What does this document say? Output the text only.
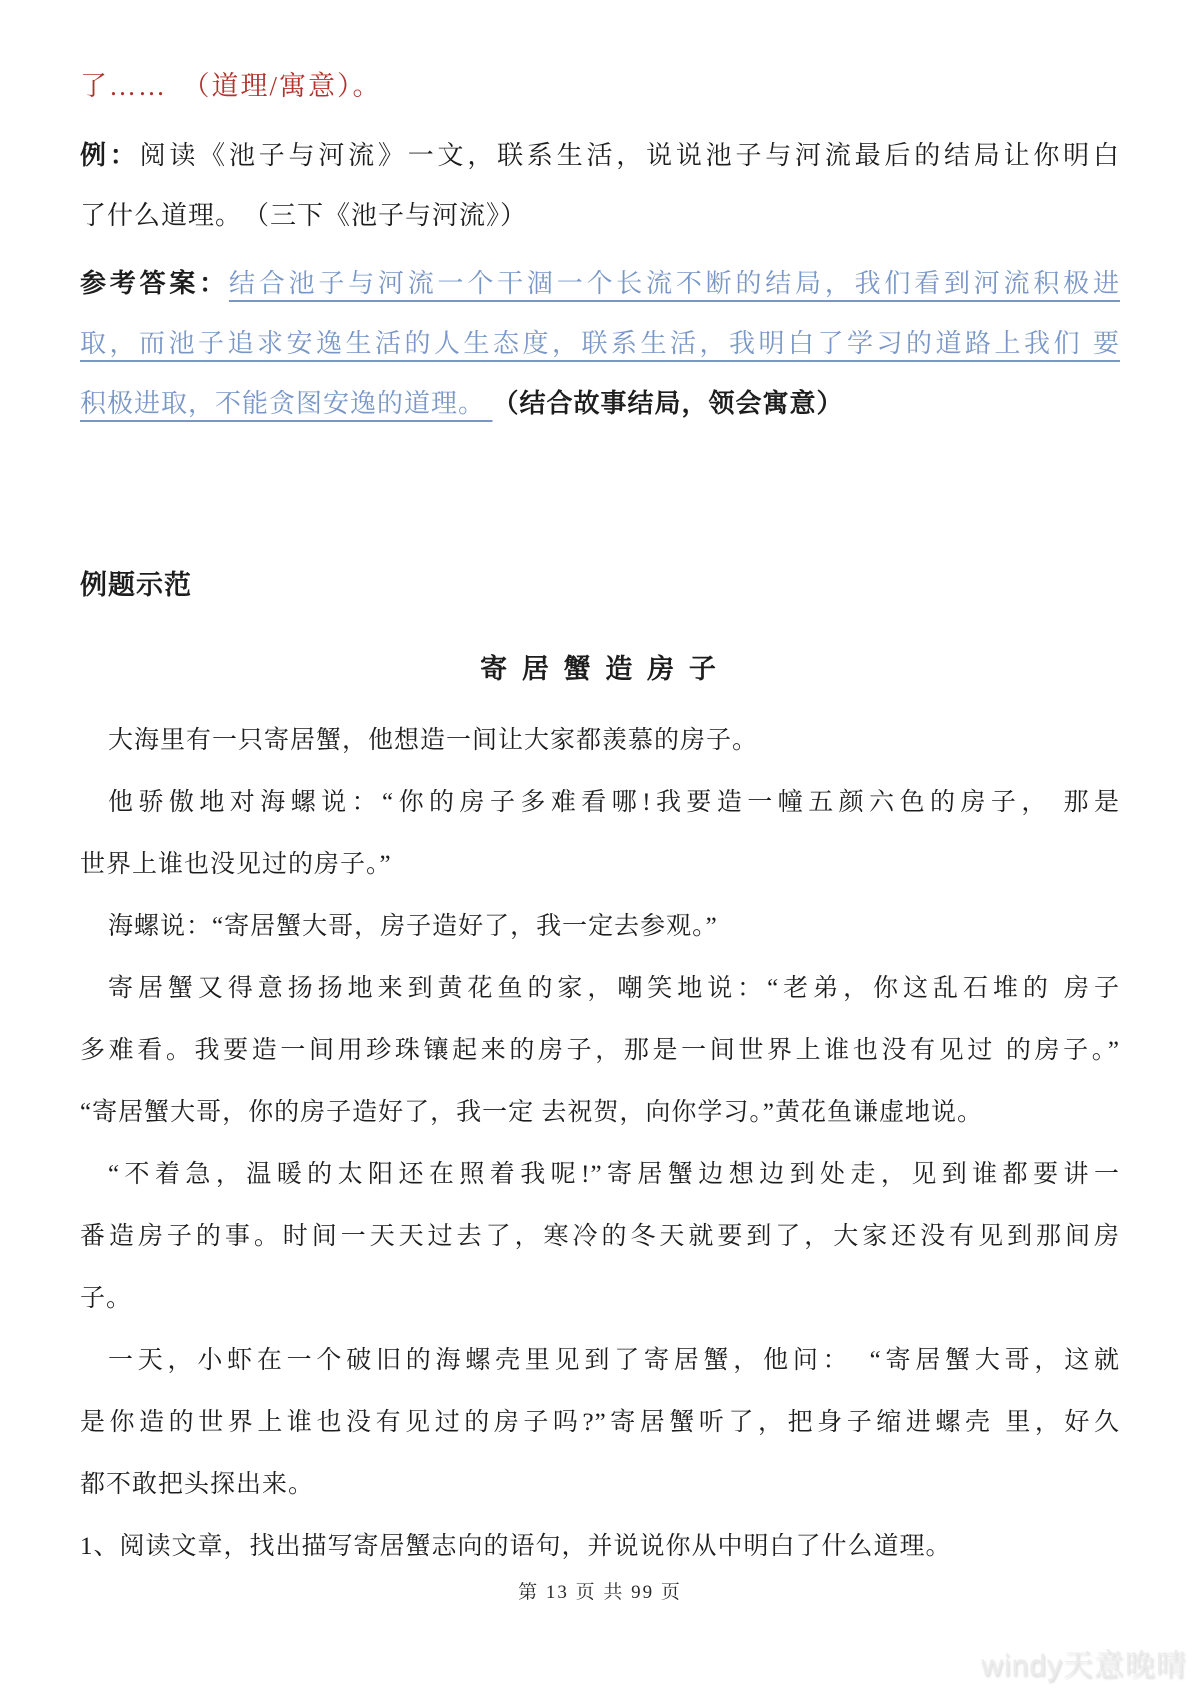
了……　（道理/寓意）。

例：阅读《池子与河流》一文，联系生活，说说池子与河流最后的结局让你明白

了什么道理。　（三下《池子与河流》）

参考答案：结合池子与河流一个干涸一个长流不断的结局，我们看到河流积极进

取，而池子追求安逸生活的人生态度，联系生活，我明白了学习的道路上我们 要

积极进取，不能贪图安逸的道理。 （结合故事结局，领会寓意）

例题示范

寄 居 蟹 造 房 子

大海里有一只寄居蟹，他想造一间让大家都羡慕的房子。

他骄傲地对海螺说：“你的房子多难看哪!我要造一幢五颜六色的房子， 那是

世界上谁也没见过的房子。”

海螺说：“寄居蟹大哥，房子造好了，我一定去参观。”

寄居蟹又得意扬扬地来到黄花鱼的家，嘲笑地说：“老弟，你这乱石堆的 房子

多难看。我要造一间用珍珠镶起来的房子，那是一间世界上谁也没有见过 的房子。”

“寄居蟹大哥，你的房子造好了，我一定 去祝贺，向你学习。”黄花鱼谦虚地说。

“不着急，温暖的太阳还在照着我呢!”寄居蟹边想边到处走，见到谁都要讲一

番造房子的事。时间一天天过去了，寒冷的冬天就要到了，大家还没有见到那间房

子。

一天，小虾在一个破旧的海螺壳里见到了寄居蟹，他问：　“寄居蟹大哥，这就

是你造的世界上谁也没有见过的房子吗?”寄居蟹听了，把身子缩进螺壳 里，好久

都不敢把头探出来。

1、阅读文章，找出描写寄居蟹志向的语句，并说说你从中明白了什么道理。

第 13 页 共 99 页
windy天意晚晴
